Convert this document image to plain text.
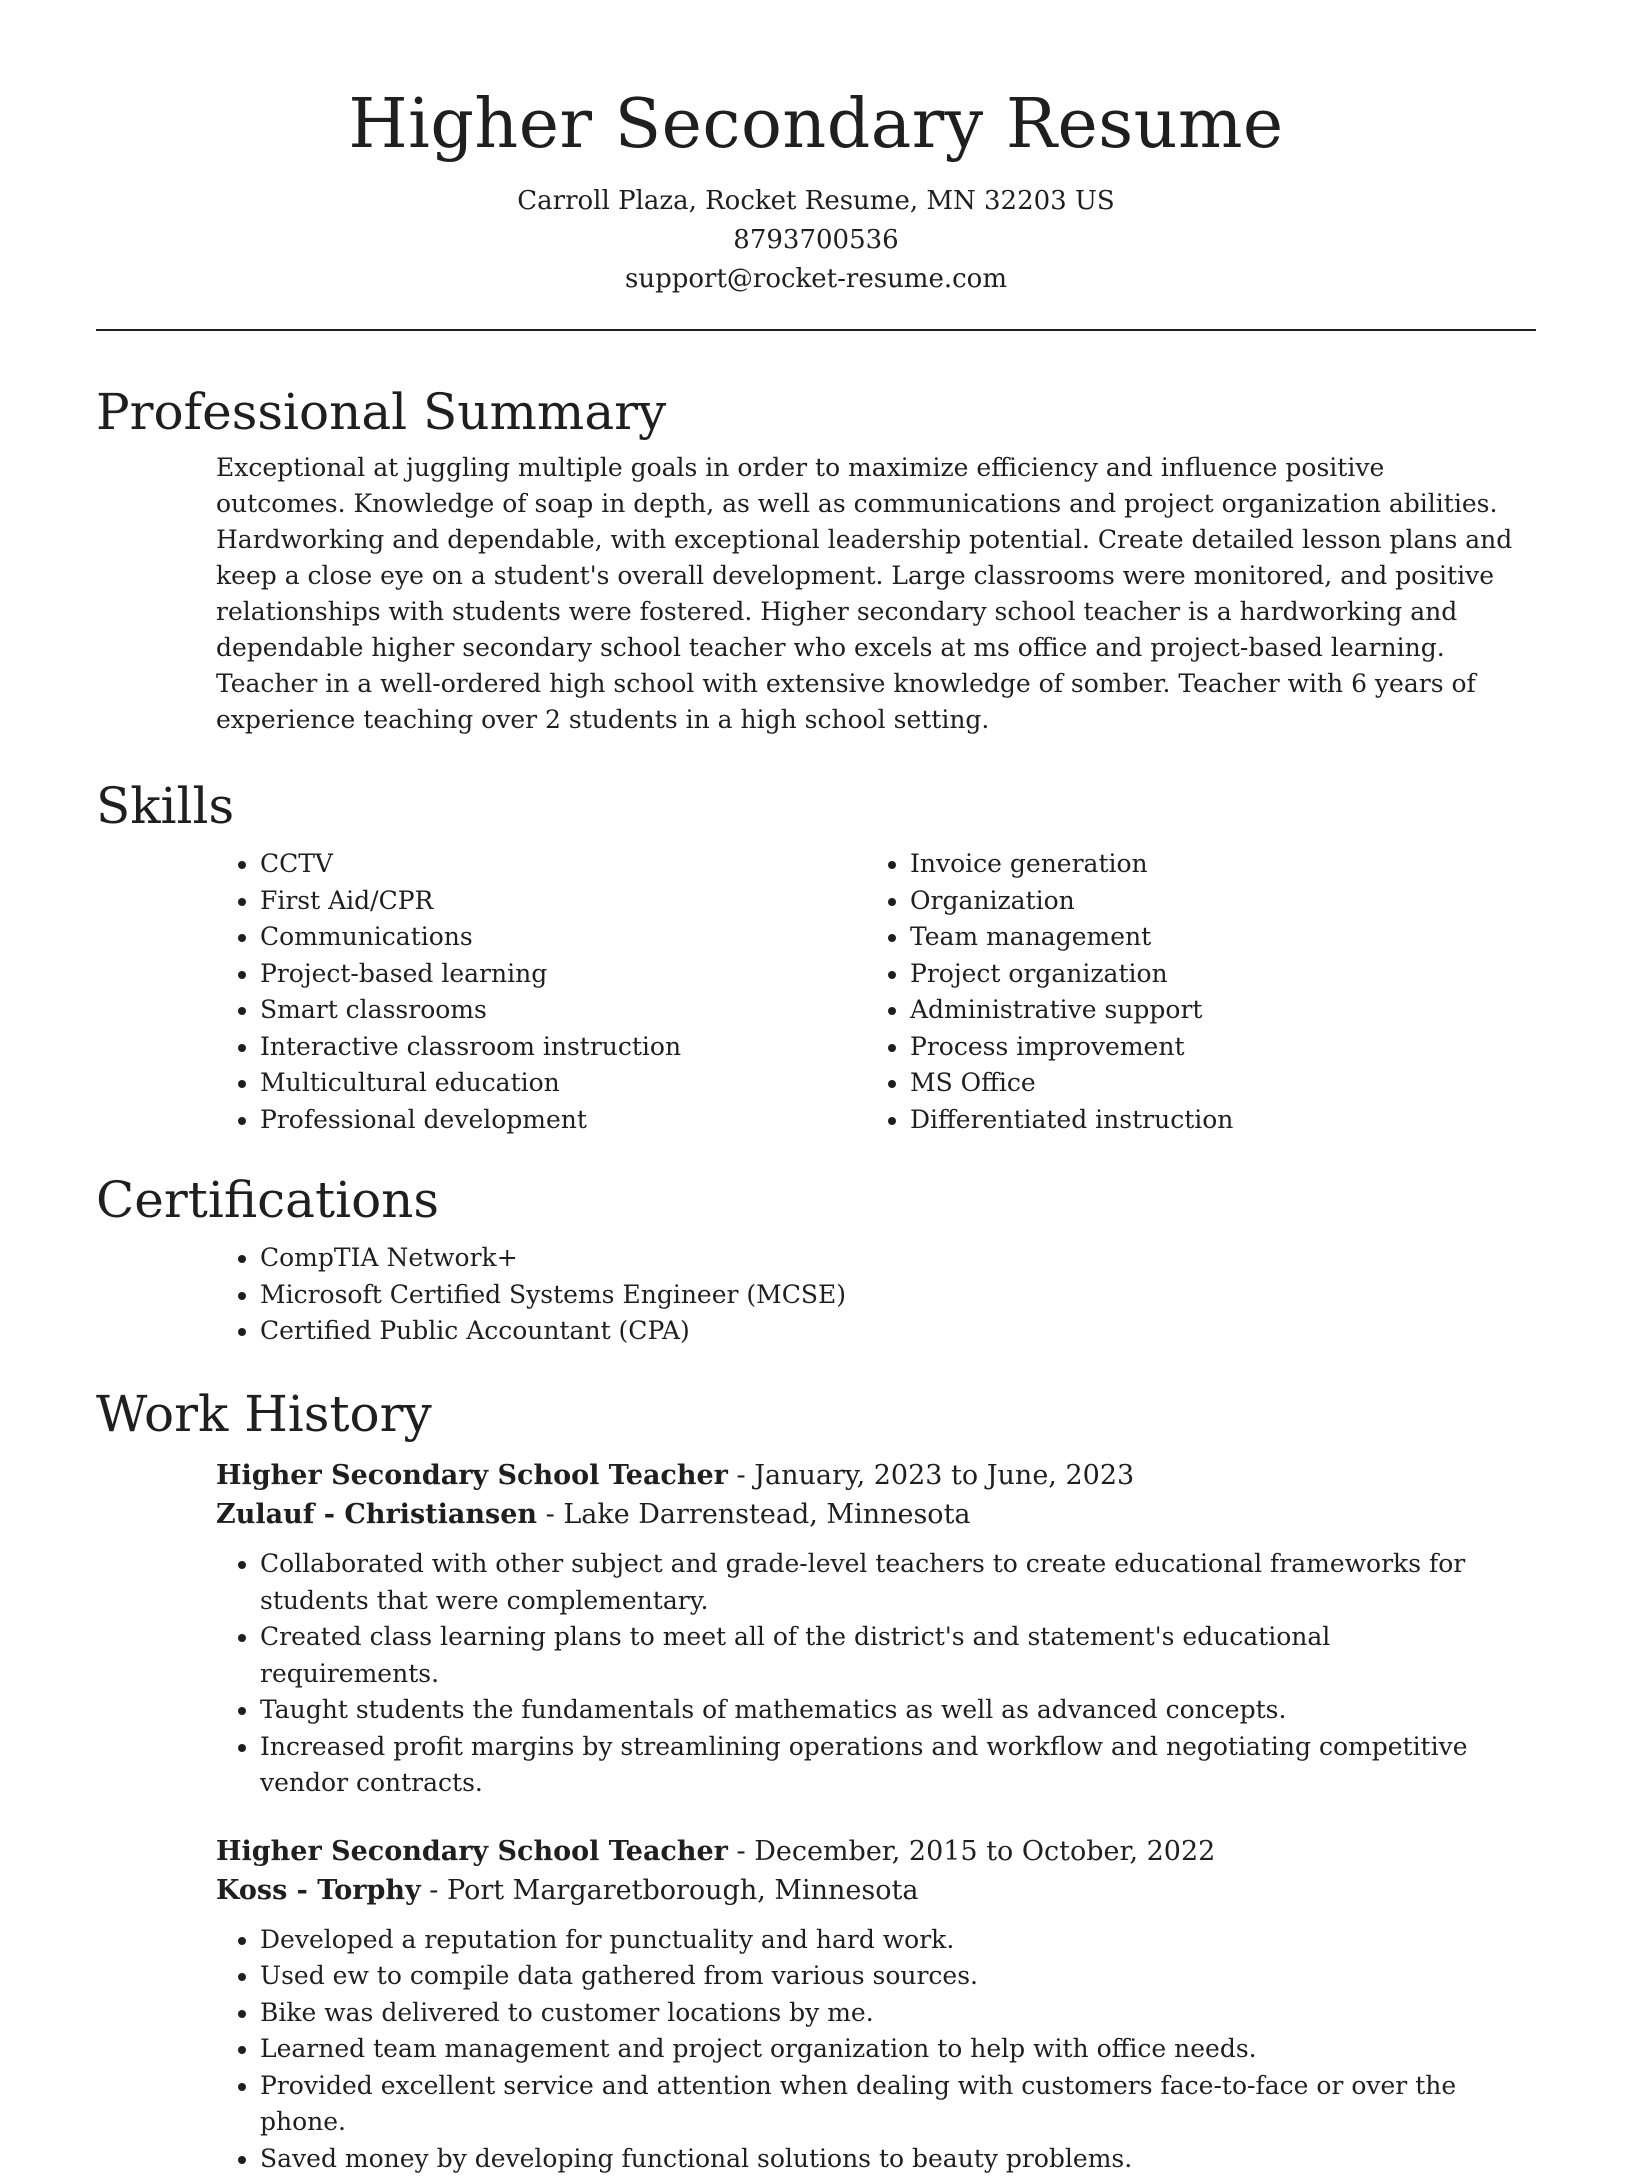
Higher Secondary Resume
Carroll Plaza, Rocket Resume, MN 32203 US
8793700536
support@rocket-resume.com
Professional Summary

Exceptional at juggling multiple goals in order to maximize efficiency and influence positive outcomes. Knowledge of soap in depth, as well as communications and project organization abilities. Hardworking and dependable, with exceptional leadership potential. Create detailed lesson plans and keep a close eye on a student's overall development. Large classrooms were monitored, and positive relationships with students were fostered. Higher secondary school teacher is a hardworking and dependable higher secondary school teacher who excels at ms office and project-based learning. Teacher in a well-ordered high school with extensive knowledge of somber. Teacher with 6 years of experience teaching over 2 students in a high school setting.

Skills
• CCTV
• First Aid/CPR
• Communications
• Project-based learning
• Smart classrooms
• Interactive classroom instruction
• Multicultural education
• Professional development
• Invoice generation
• Organization
• Team management
• Project organization
• Administrative support
• Process improvement
• MS Office
• Differentiated instruction
Certifications
• CompTIA Network+
• Microsoft Certified Systems Engineer (MCSE)
• Certified Public Accountant (CPA)
Work History
Higher Secondary School Teacher - January, 2023 to June, 2023
Zulauf - Christiansen - Lake Darrenstead, Minnesota
• Collaborated with other subject and grade-level teachers to create educational frameworks for students that were complementary.
• Created class learning plans to meet all of the district's and statement's educational requirements.
• Taught students the fundamentals of mathematics as well as advanced concepts.
• Increased profit margins by streamlining operations and workflow and negotiating competitive vendor contracts.
Higher Secondary School Teacher - December, 2015 to October, 2022
Koss - Torphy - Port Margaretborough, Minnesota
• Developed a reputation for punctuality and hard work.
• Used ew to compile data gathered from various sources.
• Bike was delivered to customer locations by me.
• Learned team management and project organization to help with office needs.
• Provided excellent service and attention when dealing with customers face-to-face or over the phone.
• Saved money by developing functional solutions to beauty problems.
